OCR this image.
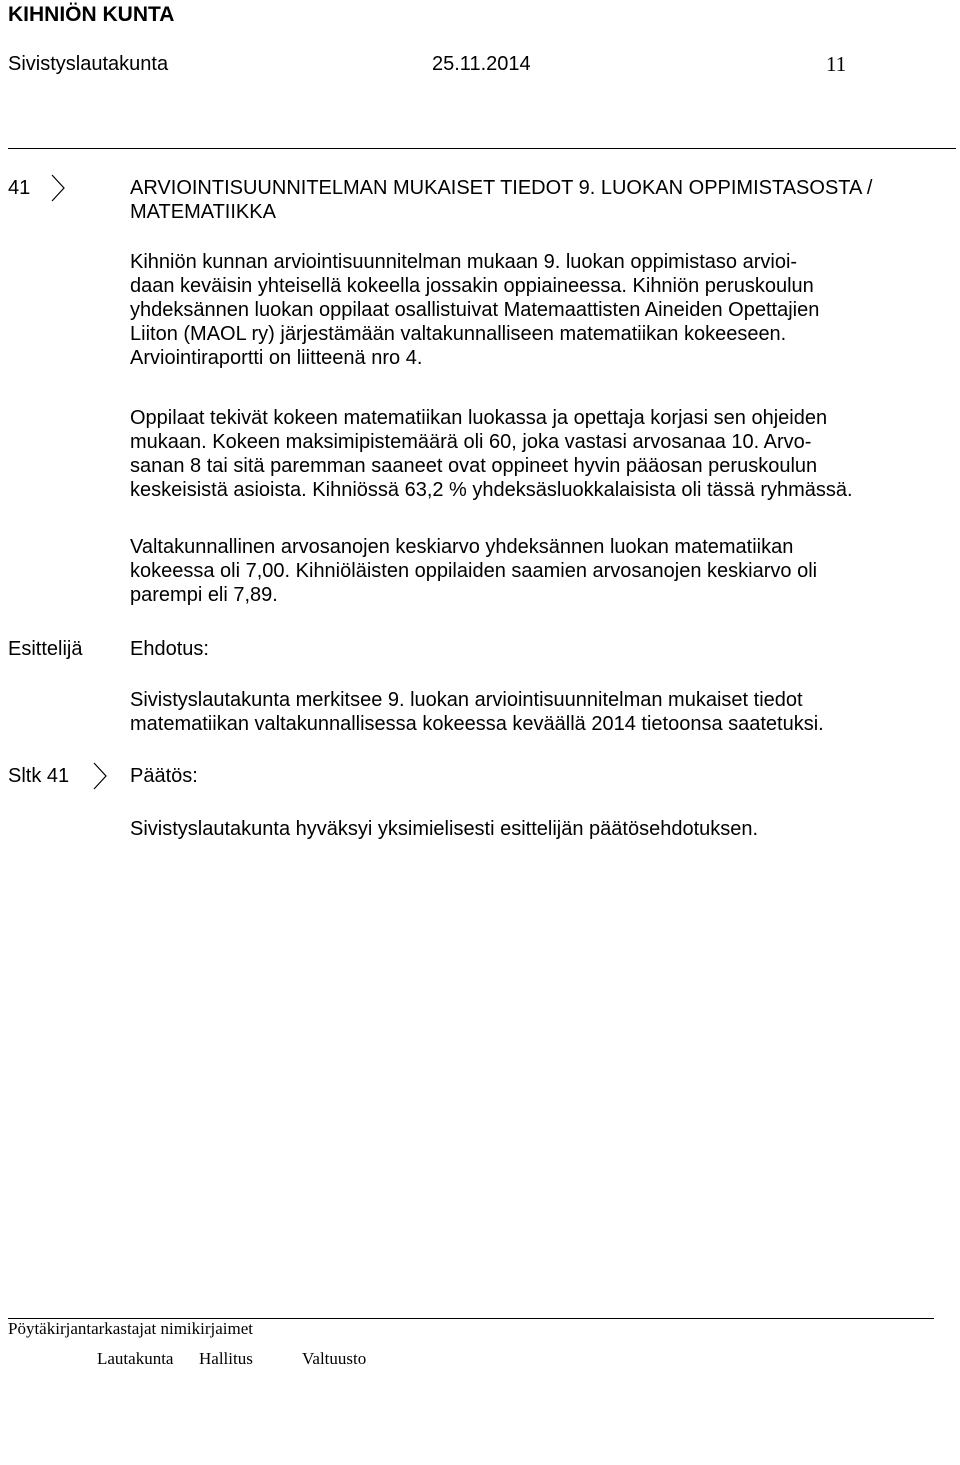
KIHNIÖN KUNTA
Sivistyslautakunta	25.11.2014	11
41	ARVIOINTISUUNNITELMAN MUKAISET TIEDOT 9. LUOKAN OPPIMISTASOSTA /
MATEMATIIKKA
Kihniön kunnan arviointisuunnitelman mukaan 9. luokan oppimistaso arvioi-
daan keväisin yhteisellä kokeella jossakin oppiaineessa. Kihniön peruskoulun
yhdeksännen luokan oppilaat osallistuivat Matemaattisten Aineiden Opettajien
Liiton (MAOL ry) järjestämään valtakunnalliseen matematiikan kokeeseen.
Arviointiraportti on liitteenä nro 4.
Oppilaat tekivät kokeen matematiikan luokassa ja opettaja korjasi sen ohjeiden
mukaan. Kokeen maksimipistemäärä oli 60, joka vastasi arvosanaa 10. Arvo-
sanan 8 tai sitä paremman saaneet ovat oppineet hyvin pääosan peruskoulun
keskeisistä asioista. Kihniössä 63,2 % yhdeksäsluokkalaisista oli tässä ryhmässä.
Valtakunnallinen arvosanojen keskiarvo yhdeksännen luokan matematiikan
kokeessa oli 7,00. Kihniöläisten oppilaiden saamien arvosanojen keskiarvo oli
parempi eli 7,89.
Esittelijä Ehdotus:
Sivistyslautakunta merkitsee 9. luokan arviointisuunnitelman mukaiset tiedot
matematiikan valtakunnallisessa kokeessa keväällä 2014 tietoonsa saatetuksi.
Sltk 41	Päätös:
Sivistyslautakunta hyväksyi yksimielisesti esittelijän päätösehdotuksen.
Pöytäkirjantarkastajat nimikirjaimet
Lautakunta Hallitus	Valtuusto
